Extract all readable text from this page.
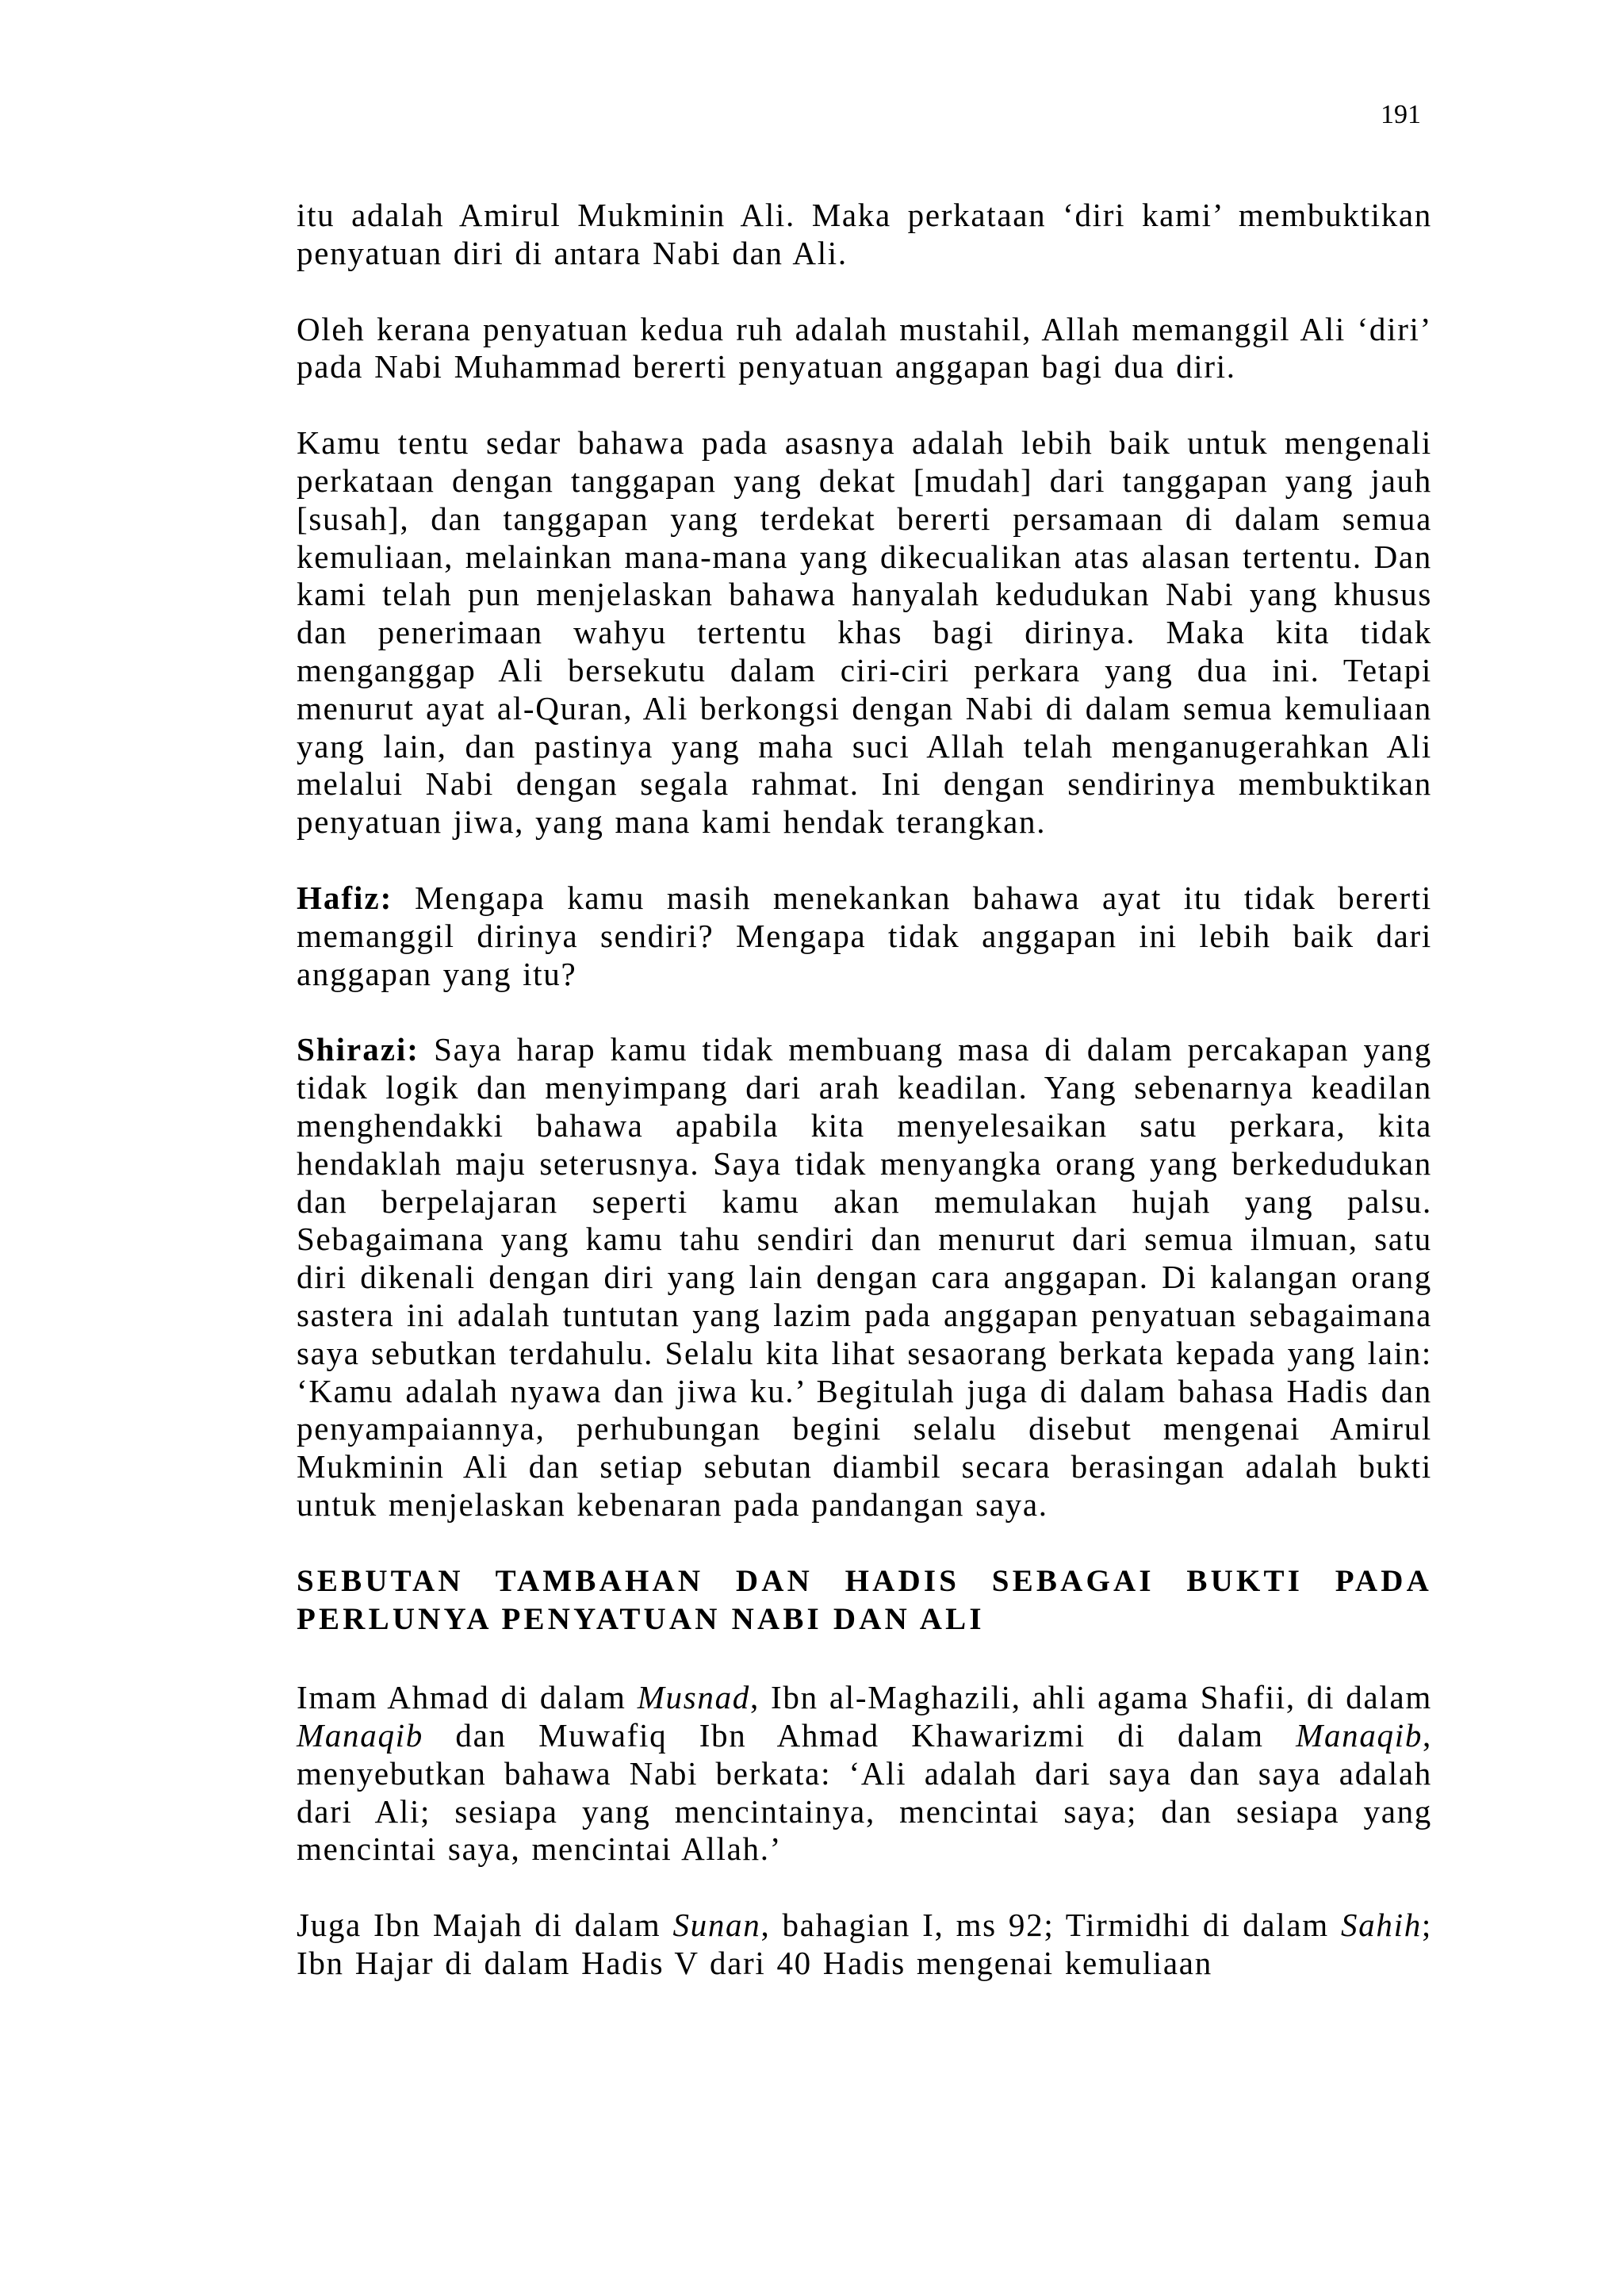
191

itu adalah Amirul Mukminin Ali. Maka perkataan ‘diri kami’ membuktikan penyatuan diri di antara Nabi dan Ali.

Oleh kerana penyatuan kedua ruh adalah mustahil, Allah memanggil Ali ‘diri’ pada Nabi Muhammad bererti penyatuan anggapan bagi dua diri.

Kamu tentu sedar bahawa pada asasnya adalah lebih baik untuk mengenali perkataan dengan tanggapan yang dekat [mudah] dari tanggapan yang jauh [susah], dan tanggapan yang terdekat bererti persamaan di dalam semua kemuliaan, melainkan mana-mana yang dikecualikan atas alasan tertentu. Dan kami telah pun menjelaskan bahawa hanyalah kedudukan Nabi yang khusus dan penerimaan wahyu tertentu khas bagi dirinya. Maka kita tidak menganggap Ali bersekutu dalam ciri-ciri perkara yang dua ini. Tetapi menurut ayat al-Quran, Ali berkongsi dengan Nabi di dalam semua kemuliaan yang lain, dan pastinya yang maha suci Allah telah menganugerahkan Ali melalui Nabi dengan segala rahmat. Ini dengan sendirinya membuktikan penyatuan jiwa, yang mana kami hendak terangkan.

Hafiz: Mengapa kamu masih menekankan bahawa ayat itu tidak bererti memanggil dirinya sendiri? Mengapa tidak anggapan ini lebih baik dari anggapan yang itu?

Shirazi: Saya harap kamu tidak membuang masa di dalam percakapan yang tidak logik dan menyimpang dari arah keadilan. Yang sebenarnya keadilan menghendakki bahawa apabila kita menyelesaikan satu perkara, kita hendaklah maju seterusnya. Saya tidak menyangka orang yang berkedudukan dan berpelajaran seperti kamu akan memulakan hujah yang palsu. Sebagaimana yang kamu tahu sendiri dan menurut dari semua ilmuan, satu diri dikenali dengan diri yang lain dengan cara anggapan. Di kalangan orang sastera ini adalah tuntutan yang lazim pada anggapan penyatuan sebagaimana saya sebutkan terdahulu. Selalu kita lihat sesaorang berkata kepada yang lain: ‘Kamu adalah nyawa dan jiwa ku.’ Begitulah juga di dalam bahasa Hadis dan penyampaiannya, perhubungan begini selalu disebut mengenai Amirul Mukminin Ali dan setiap sebutan diambil secara berasingan adalah bukti untuk menjelaskan kebenaran pada pandangan saya.

SEBUTAN TAMBAHAN DAN HADIS SEBAGAI BUKTI PADA PERLUNYA PENYATUAN NABI DAN ALI

Imam Ahmad di dalam Musnad, Ibn al-Maghazili, ahli agama Shafii, di dalam Manaqib dan Muwafiq Ibn Ahmad Khawarizmi di dalam Manaqib, menyebutkan bahawa Nabi berkata: ‘Ali adalah dari saya dan saya adalah dari Ali; sesiapa yang mencintainya, mencintai saya; dan sesiapa yang mencintai saya, mencintai Allah.’

Juga Ibn Majah di dalam Sunan, bahagian I, ms 92; Tirmidhi di dalam Sahih; Ibn Hajar di dalam Hadis V dari 40 Hadis mengenai kemuliaan
